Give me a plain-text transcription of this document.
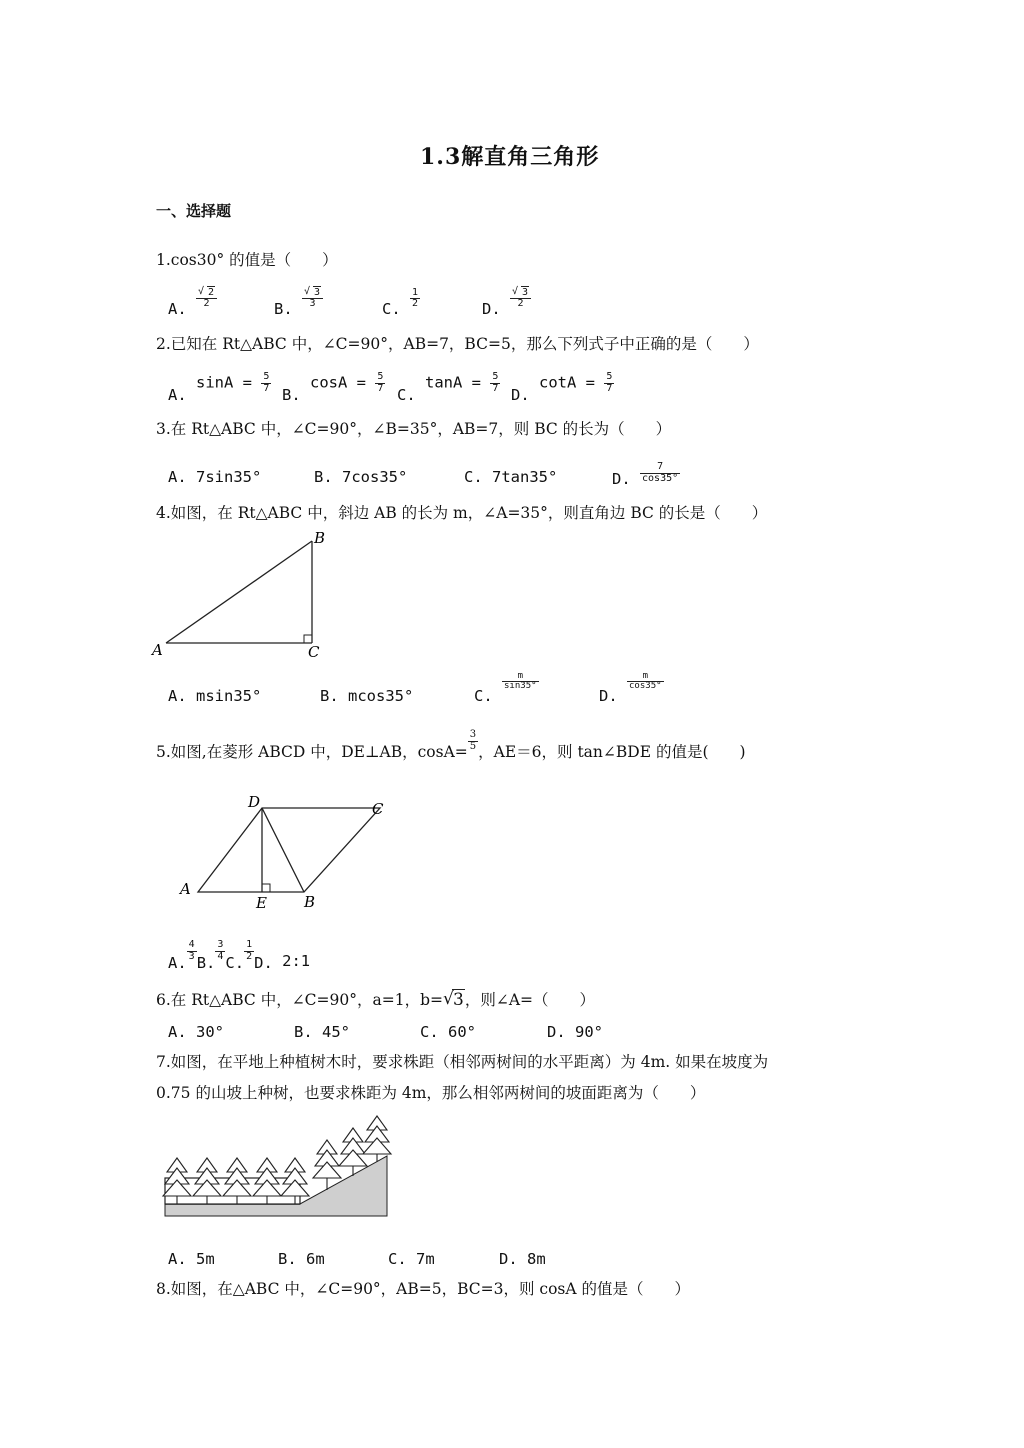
1.3解直角三角形
一、选择题
1.cos30° 的值是（　　）
A. √ $\frac{2}{2}$	B. √ $\frac{3}{3}$	C. $\frac{1}{2}$	D. √ $\frac{3}{2}$
2.已知在 Rt△ABC 中，∠C=90°，AB=7，BC=5，那么下列式子中正确的是（　　）
A. $\sin A = \frac{5}{7}$
B. $\cos A = \frac{5}{7}$
C. $\tan A = \frac{5}{7}$
D. $\cot A = \frac{5}{7}$
3.在 Rt△ABC 中，∠C=90°，∠B=35°，AB=7，则 BC 的长为（　　）
A. 7sin35°	B. 7cos35°	C. 7tan35°	D. $\frac{7}{\cos 35^\circ}$
4.如图，在 Rt△ABC 中，斜边 AB 的长为 m，∠A=35°，则直角边 BC 的长是（　　）
A
B
C
A. msin35°	B. mcos35°	C.
$\frac{m}{\sin 35^\circ}$
D.
$\frac{m}{\cos 35^\circ}$
5.如图,在菱形 ABCD 中，DE⊥AB，$\cos A= \frac{3}{5}$ ，AE＝6，则 tan∠BDE 的值是(　　)
A
B
C
D
E
A.
$\frac{4}{3}$
B.
$\frac{3}{4}$
C.
$\frac{1}{2}$
D. 2:1
6.在 Rt△ABC 中，∠C=90°，a=1，b= √ 3，则∠A=（　　）
A. 30°	B. 45°	C. 60°	D. 90°
7.如图，在平地上种植树木时，要求株距（相邻两树间的水平距离）为 4m. 如果在坡度为
0.75 的山坡上种树，也要求株距为 4m，那么相邻两树间的坡面距离为（　　）
A. 5m	B. 6m	C. 7m	D. 8m
8.如图，在△ABC 中，∠C=90°，AB=5，BC=3，则 cosA 的值是（　　）
